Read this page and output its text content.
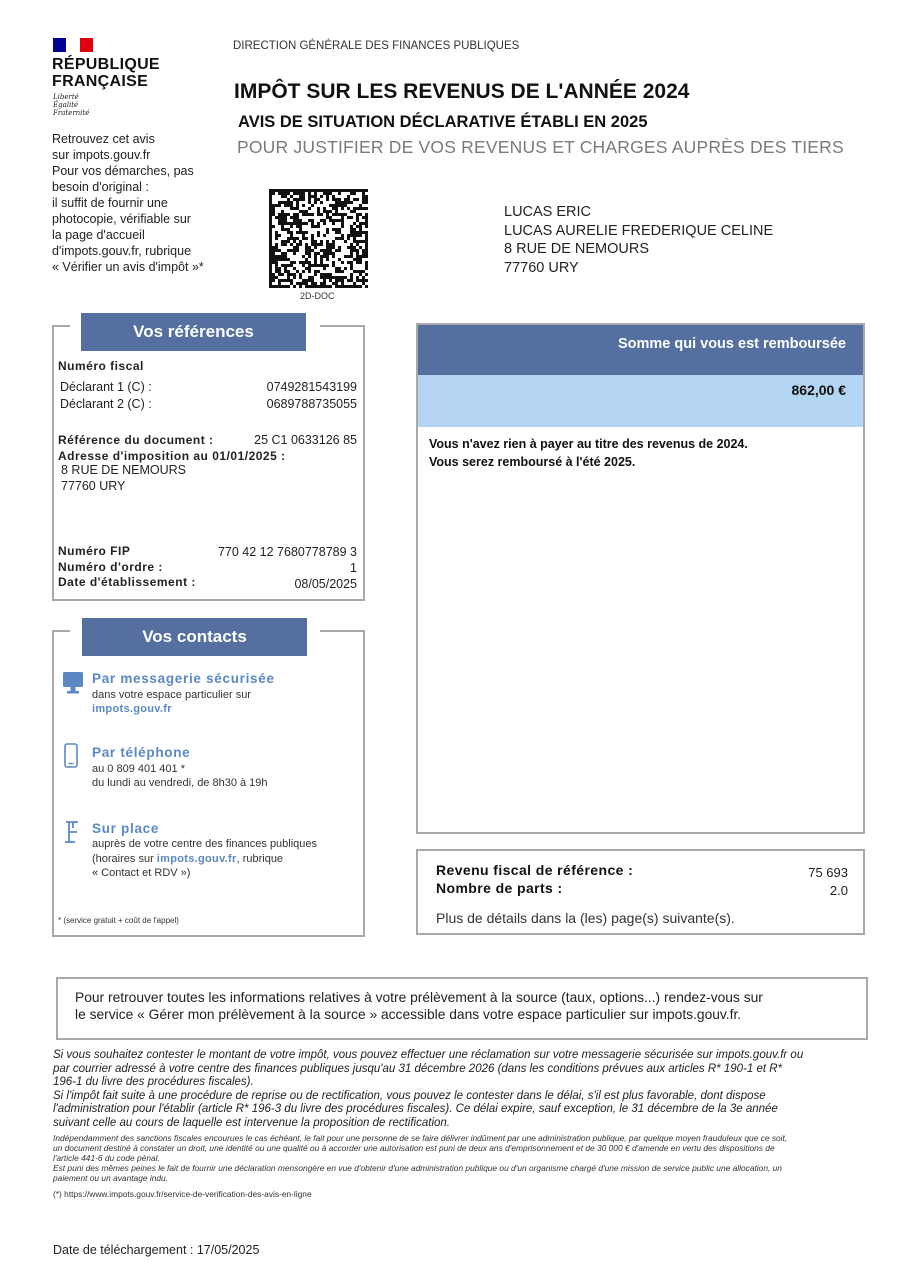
RÉPUBLIQUE
FRANÇAISE
Liberté
Égalité
Fraternité
Retrouvez cet avis
sur impots.gouv.fr
Pour vos démarches, pas
besoin d'original :
il suffit de fournir une
photocopie, vérifiable sur
la page d'accueil
d'impots.gouv.fr, rubrique
« Vérifier un avis d'impôt »*
DIRECTION GÉNÉRALE DES FINANCES PUBLIQUES
IMPÔT SUR LES REVENUS DE L'ANNÉE 2024
AVIS DE SITUATION DÉCLARATIVE ÉTABLI EN 2025
POUR JUSTIFIER DE VOS REVENUS ET CHARGES AUPRÈS DES TIERS
2D-DOC
LUCAS ERIC
LUCAS AURELIE FREDERIQUE CELINE
8 RUE DE NEMOURS
77760 URY
Vos références
Numéro fiscal
Déclarant 1 (C) :	0749281543199
Déclarant 2 (C) :	0689788735055
Référence du document :	25 C1 0633126 85
Adresse d'imposition au 01/01/2025 :
8 RUE DE NEMOURS
77760 URY
Numéro FIP	770 42 12 7680778789 3
Numéro d'ordre :	1
Date d'établissement :	08/05/2025
Vos contacts
Par messagerie sécurisée
dans votre espace particulier sur
impots.gouv.fr
Par téléphone
au 0 809 401 401 *
du lundi au vendredi, de 8h30 à 19h
Sur place
auprès de votre centre des finances publiques
(horaires sur impots.gouv.fr, rubrique
« Contact et RDV »)
* (service gratuit + coût de l'appel)
Somme qui vous est remboursée
862,00 €
Vous n'avez rien à payer au titre des revenus de 2024.
Vous serez remboursé à l'été 2025.
Revenu fiscal de référence :	75 693
Nombre de parts :	2.0
Plus de détails dans la (les) page(s) suivante(s).
Pour retrouver toutes les informations relatives à votre prélèvement à la source (taux, options...) rendez-vous sur
le service « Gérer mon prélèvement à la source » accessible dans votre espace particulier sur impots.gouv.fr.
Si vous souhaitez contester le montant de votre impôt, vous pouvez effectuer une réclamation sur votre messagerie sécurisée sur impots.gouv.fr ou
par courrier adressé à votre centre des finances publiques jusqu'au 31 décembre 2026 (dans les conditions prévues aux articles R* 190-1 et R*
196-1 du livre des procédures fiscales).
Si l'impôt fait suite à une procédure de reprise ou de rectification, vous pouvez le contester dans le délai, s'il est plus favorable, dont dispose
l'administration pour l'établir (article R* 196-3 du livre des procédures fiscales). Ce délai expire, sauf exception, le 31 décembre de la 3e année
suivant celle au cours de laquelle est intervenue la proposition de rectification.
Indépendamment des sanctions fiscales encourues le cas échéant, le fait pour une personne de se faire délivrer indûment par une administration publique, par quelque moyen frauduleux que ce soit,
un document destiné à constater un droit, une identité ou une qualité ou à accorder une autorisation est puni de deux ans d'emprisonnement et de 30 000 € d'amende en vertu des dispositions de
l'article 441-6 du code pénal.
Est puni des mêmes peines le fait de fournir une déclaration mensongère en vue d'obtenir d'une administration publique ou d'un organisme chargé d'une mission de service public une allocation, un
paiement ou un avantage indu.
(*) https://www.impots.gouv.fr/service-de-verification-des-avis-en-ligne
Date de téléchargement : 17/05/2025
